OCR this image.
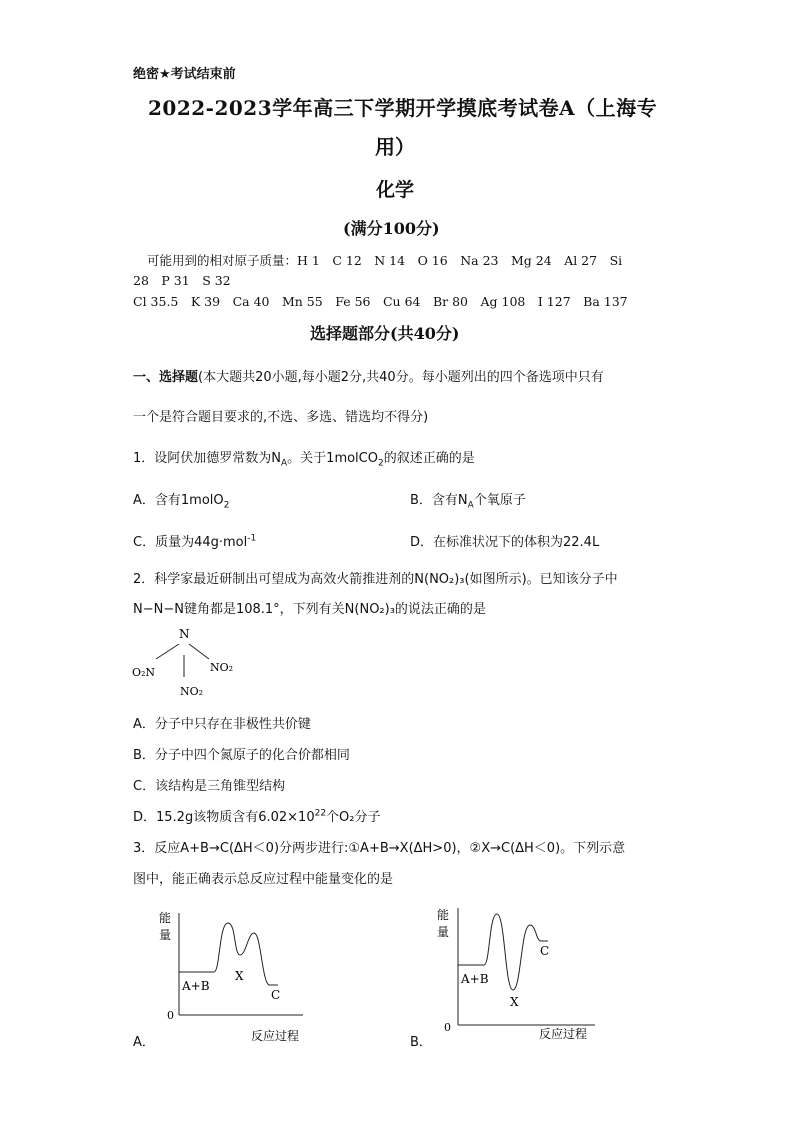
绝密★考试结束前
2022-2023学年高三下学期开学摸底考试卷A（上海专
用）
化学
(满分100分)
可能用到的相对原子质量：H 1　C 12　N 14　O 16　Na 23　Mg 24　Al 27　Si
28　P 31　S 32
Cl 35.5　K 39　Ca 40　Mn 55　Fe 56　Cu 64　Br 80　Ag 108　I 127　Ba 137
选择题部分(共40分)
一、选择题(本大题共20小题,每小题2分,共40分。每小题列出的四个备选项中只有
一个是符合题目要求的,不选、多选、错选均不得分)
1．设阿伏加德罗常数为$N_A$。关于1molCO$_2$的叙述正确的是
A．含有1molO$_2$	B．含有$N_A$个氧原子
C．质量为44g·mol$^{-1}$	D．在标准状况下的体积为22.4L
2．科学家最近研制出可望成为高效火箭推进剂的N(NO₂)₃(如图所示)。已知该分子中
N−N−N键角都是108.1°，下列有关N(NO₂)₃的说法正确的是
N
O₂N	NO₂
NO₂
A．分子中只存在非极性共价键
B．分子中四个氮原子的化合价都相同
C．该结构是三角锥型结构
D．15.2g该物质含有$6.02\times 10^{22}$个O₂分子
3．反应A+B→C(ΔH＜0)分两步进行:①A+B→X(ΔH>0)，②X→C(ΔH＜0)。下列示意
图中，能正确表示总反应过程中能量变化的是
能
量
0
A+B
X
C
反应过程
A．
能
量
0
A+B
X
C
反应过程
B．
